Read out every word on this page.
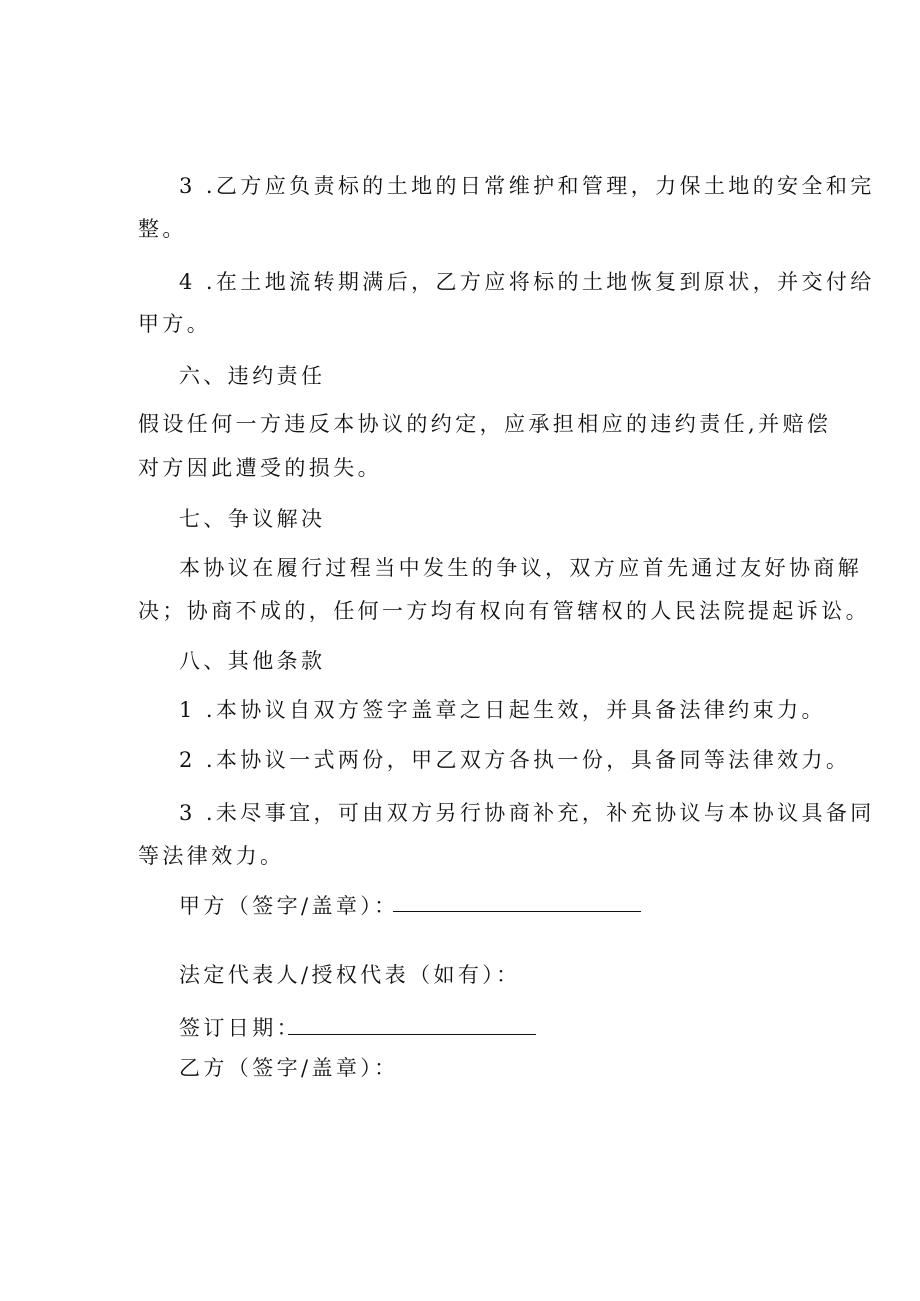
3 .乙方应负责标的土地的日常维护和管理，力保土地的安全和完
整。
4 .在土地流转期满后，乙方应将标的土地恢复到原状，并交付给
甲方。
六、违约责任
假设任何一方违反本协议的约定，应承担相应的违约责任,并赔偿
对方因此遭受的损失。
七、争议解决
本协议在履行过程当中发生的争议，双方应首先通过友好协商解
决；协商不成的，任何一方均有权向有管辖权的人民法院提起诉讼。
八、其他条款
1 .本协议自双方签字盖章之日起生效，并具备法律约束力。
2 .本协议一式两份，甲乙双方各执一份，具备同等法律效力。
3 .未尽事宜，可由双方另行协商补充，补充协议与本协议具备同
等法律效力。
甲方（签字/盖章）：
法定代表人/授权代表（如有）：
签订日期：
乙方（签字/盖章）：
